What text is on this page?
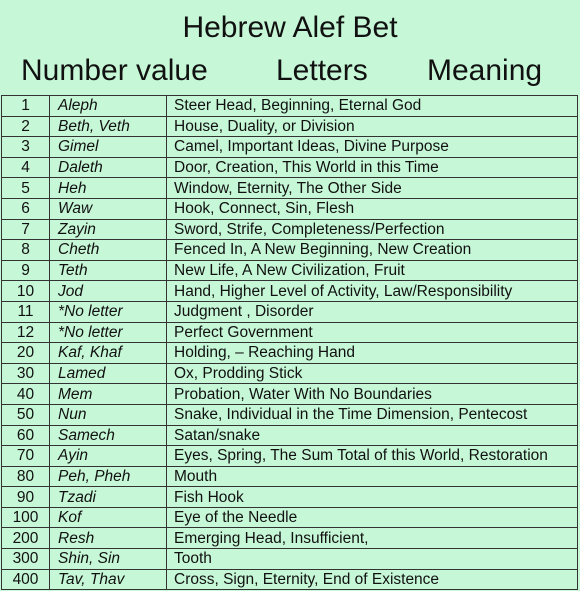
Hebrew Alef Bet
Number value Letters Meaning
1	Aleph	Steer Head, Beginning, Eternal God
2	Beth, Veth	House, Duality, or Division
3	Gimel	Camel, Important Ideas, Divine Purpose
4	Daleth	Door, Creation, This World in this Time
5	Heh	Window, Eternity, The Other Side
6	Waw	Hook, Connect, Sin, Flesh
7	Zayin	Sword, Strife, Completeness/Perfection
8	Cheth	Fenced In, A New Beginning, New Creation
9	Teth	New Life, A New Civilization, Fruit
10	Jod	Hand, Higher Level of Activity, Law/Responsibility
11	*No letter	Judgment , Disorder
12	*No letter	Perfect Government
20	Kaf, Khaf	Holding, – Reaching Hand
30	Lamed	Ox, Prodding Stick
40	Mem	Probation, Water With No Boundaries
50	Nun	Snake, Individual in the Time Dimension, Pentecost
60	Samech	Satan/snake
70	Ayin	Eyes, Spring, The Sum Total of this World, Restoration
80	Peh, Pheh	Mouth
90	Tzadi	Fish Hook
100	Kof	Eye of the Needle
200	Resh	Emerging Head, Insufficient,
300	Shin, Sin	Tooth
400	Tav, Thav	Cross, Sign, Eternity, End of Existence
